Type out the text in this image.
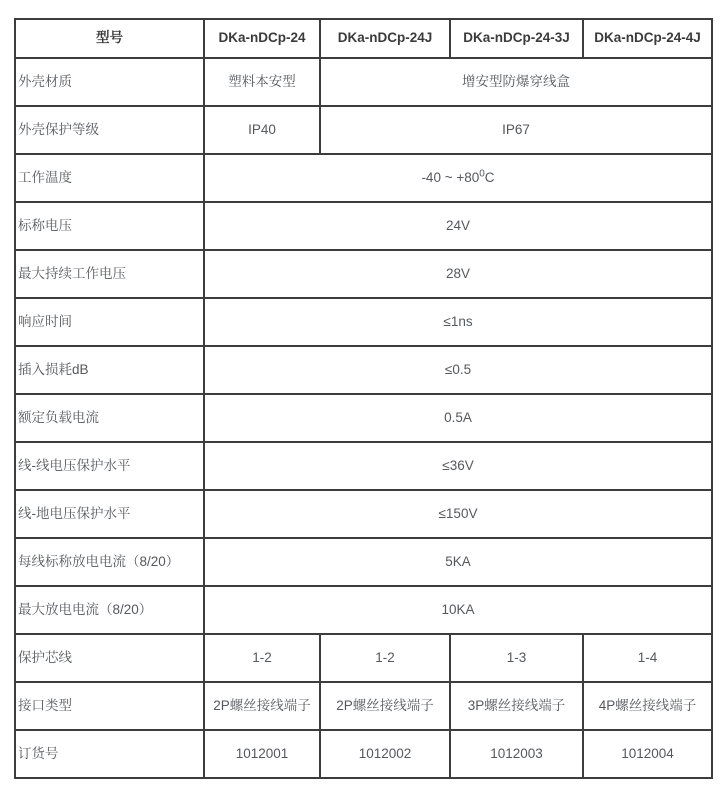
型号	DKa-nDCp-24	DKa-nDCp-24J	DKa-nDCp-24-3J	DKa-nDCp-24-4J
外壳材质	塑料本安型	增安型防爆穿线盒		
外壳保护等级	IP40	IP67		
工作温度	-40 ~ $+80^0C$			
标称电压	24V			
最大持续工作电压	28V			
响应时间	≤1ns			
插入损耗dB	≤0.5			
额定负载电流	0.5A			
线-线电压保护水平	≤36V			
线-地电压保护水平	≤150V			
每线标称放电电流（8/20）	5KA			
最大放电电流（8/20）	10KA			
保护芯线	1-2	1-2	1-3	1-4
接口类型	2P螺丝接线端子	2P螺丝接线端子	3P螺丝接线端子	4P螺丝接线端子
订货号	1012001	1012002	1012003	1012004
